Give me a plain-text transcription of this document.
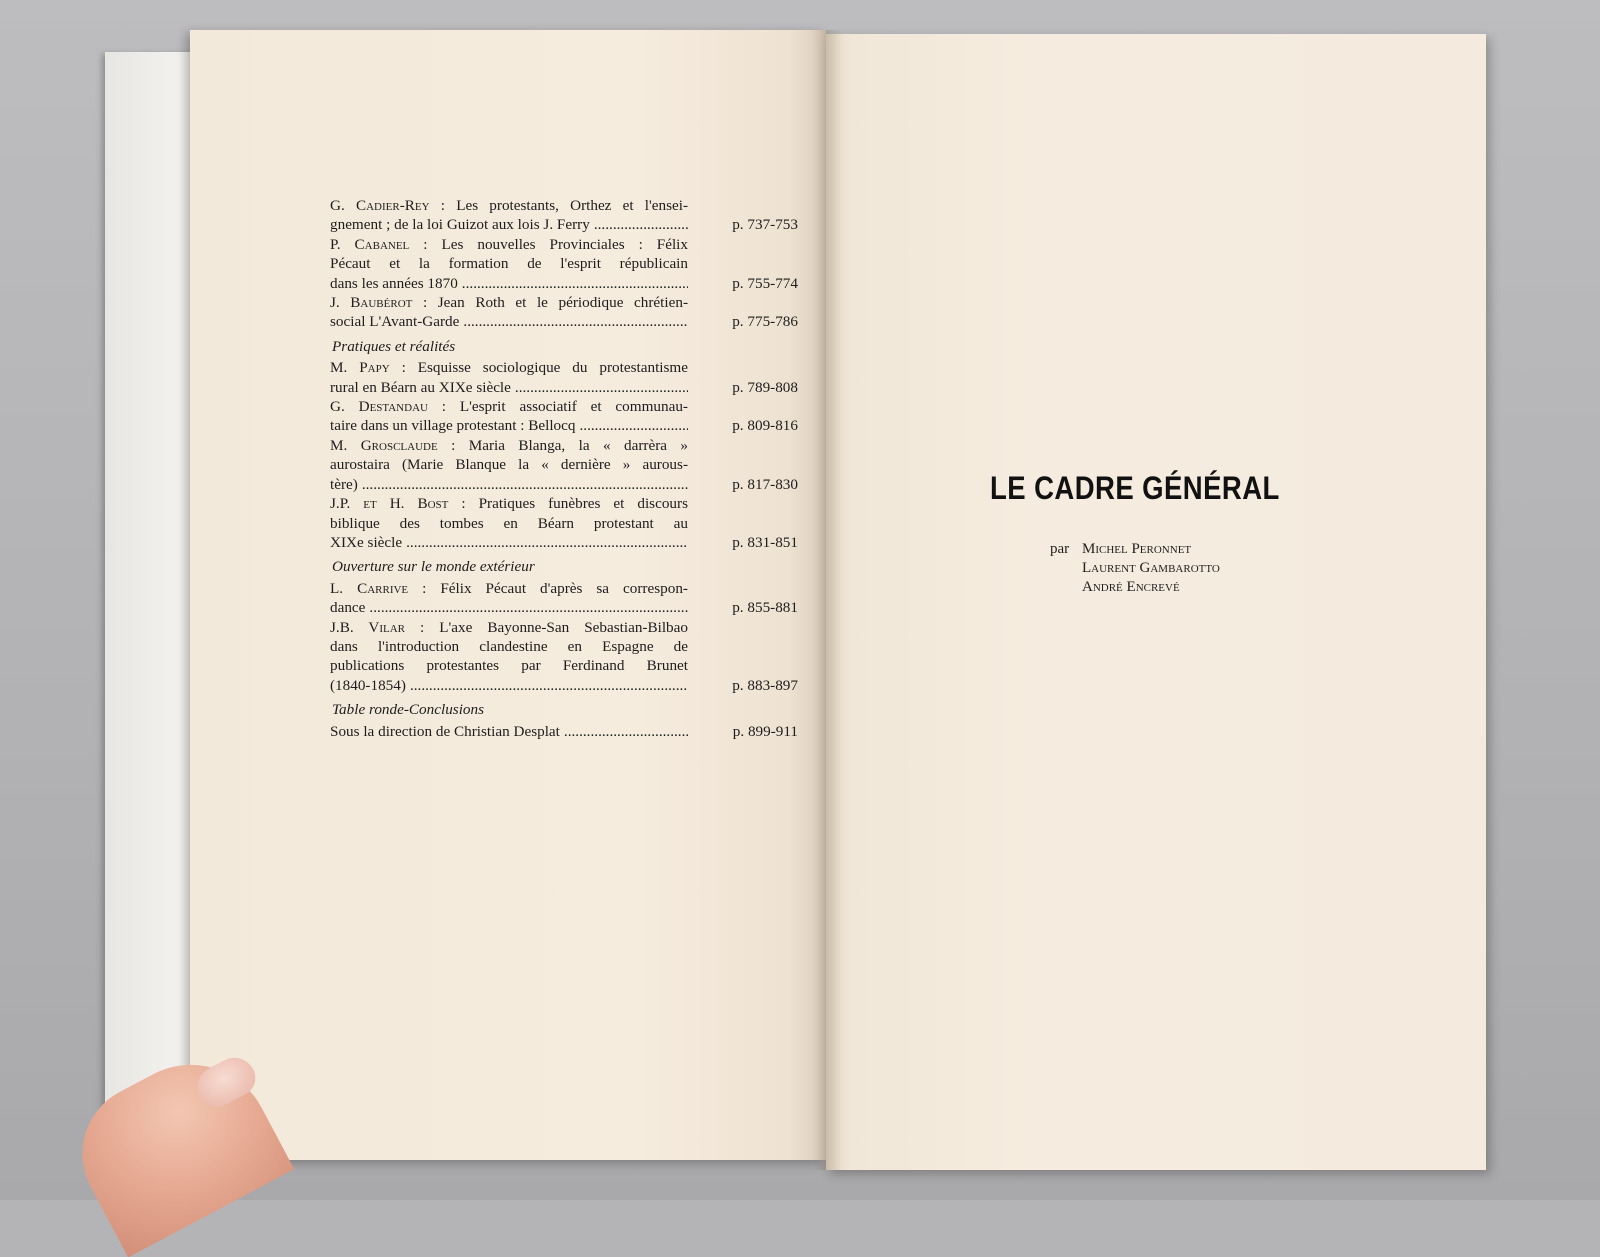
G. Cadier-Rey : Les protestants, Orthez et l'ensei-
gnement ; de la loi Guizot aux lois J. Ferry .....	p. 737-753
P. Cabanel : Les nouvelles Provinciales : Félix
Pécaut et la formation de l'esprit républicain
dans les années 1870 .....	p. 755-774
J. Baubérot : Jean Roth et le périodique chrétien-
social L'Avant-Garde .....	p. 775-786
Pratiques et réalités
M. Papy : Esquisse sociologique du protestantisme
rural en Béarn au XIXe siècle .....	p. 789-808
G. Destandau : L'esprit associatif et communau-
taire dans un village protestant : Bellocq .....	p. 809-816
M. Grosclaude : Maria Blanga, la « darrèra »
aurostaira (Marie Blanque la « dernière » aurous-
tère) .....	p. 817-830
J.P. et H. Bost : Pratiques funèbres et discours
biblique des tombes en Béarn protestant au
XIXe siècle .....	p. 831-851
Ouverture sur le monde extérieur
L. Carrive : Félix Pécaut d'après sa correspon-
dance .....	p. 855-881
J.B. Vilar : L'axe Bayonne-San Sebastian-Bilbao
dans l'introduction clandestine en Espagne de
publications protestantes par Ferdinand Brunet
(1840-1854) .....	p. 883-897
Table ronde-Conclusions
Sous la direction de Christian Desplat .....	p. 899-911
LE CADRE GÉNÉRAL
par Michel Peronnet
Laurent Gambarotto
André Encrevé
